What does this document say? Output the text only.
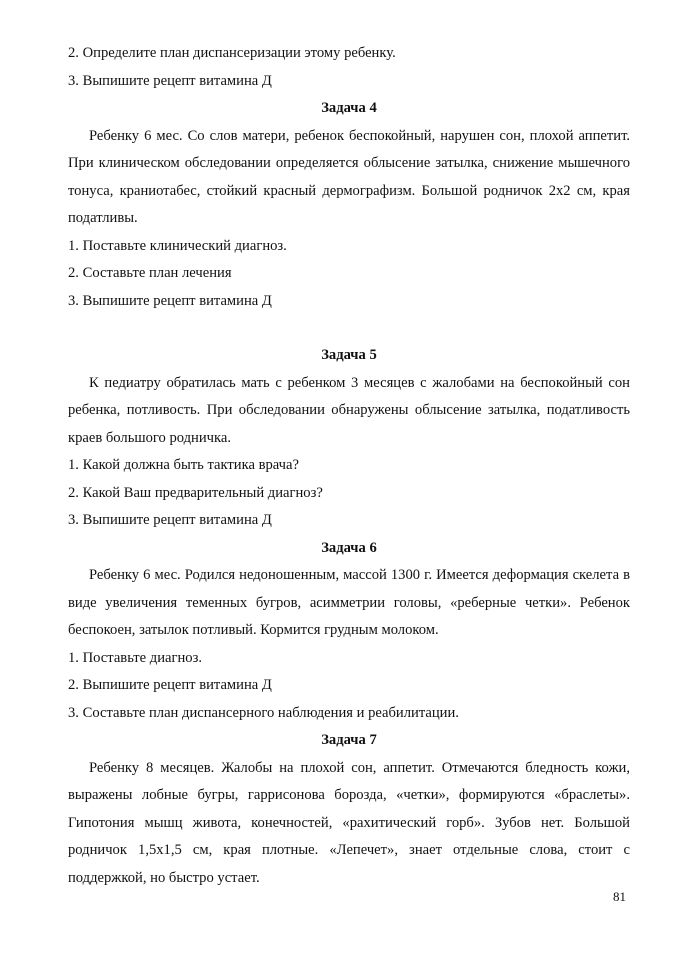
2. Определите план диспансеризации этому ребенку.
3. Выпишите рецепт витамина Д
Задача 4

Ребенку 6 мес. Со слов матери, ребенок беспокойный, нарушен сон, плохой аппетит. При клиническом обследовании определяется облысение затылка, снижение мышечного тонуса, краниотабес, стойкий красный дермографизм. Большой родничок 2х2 см, края податливы.

1. Поставьте клинический диагноз.
2. Составьте план лечения
3. Выпишите рецепт витамина Д
Задача 5

К педиатру обратилась мать с ребенком 3 месяцев с жалобами на беспокойный сон ребенка, потливость. При обследовании обнаружены облысение затылка, податливость краев большого родничка.

1. Какой должна быть тактика врача?
2. Какой Ваш предварительный диагноз?
3. Выпишите рецепт витамина Д
Задача 6

Ребенку 6 мес. Родился недоношенным, массой 1300 г. Имеется деформация скелета в виде увеличения теменных бугров, асимметрии головы, «реберные четки». Ребенок беспокоен, затылок потливый. Кормится грудным молоком.

1. Поставьте диагноз.
2. Выпишите рецепт витамина Д
3. Составьте план диспансерного наблюдения и реабилитации.
Задача 7

Ребенку 8 месяцев. Жалобы на плохой сон, аппетит. Отмечаются бледность кожи, выражены лобные бугры, гаррисонова борозда, «четки», формируются «браслеты». Гипотония мышц живота, конечностей, «рахитический горб». Зубов нет. Большой родничок 1,5х1,5 см, края плотные. «Лепечет», знает отдельные слова, стоит с поддержкой, но быстро устает.

81
